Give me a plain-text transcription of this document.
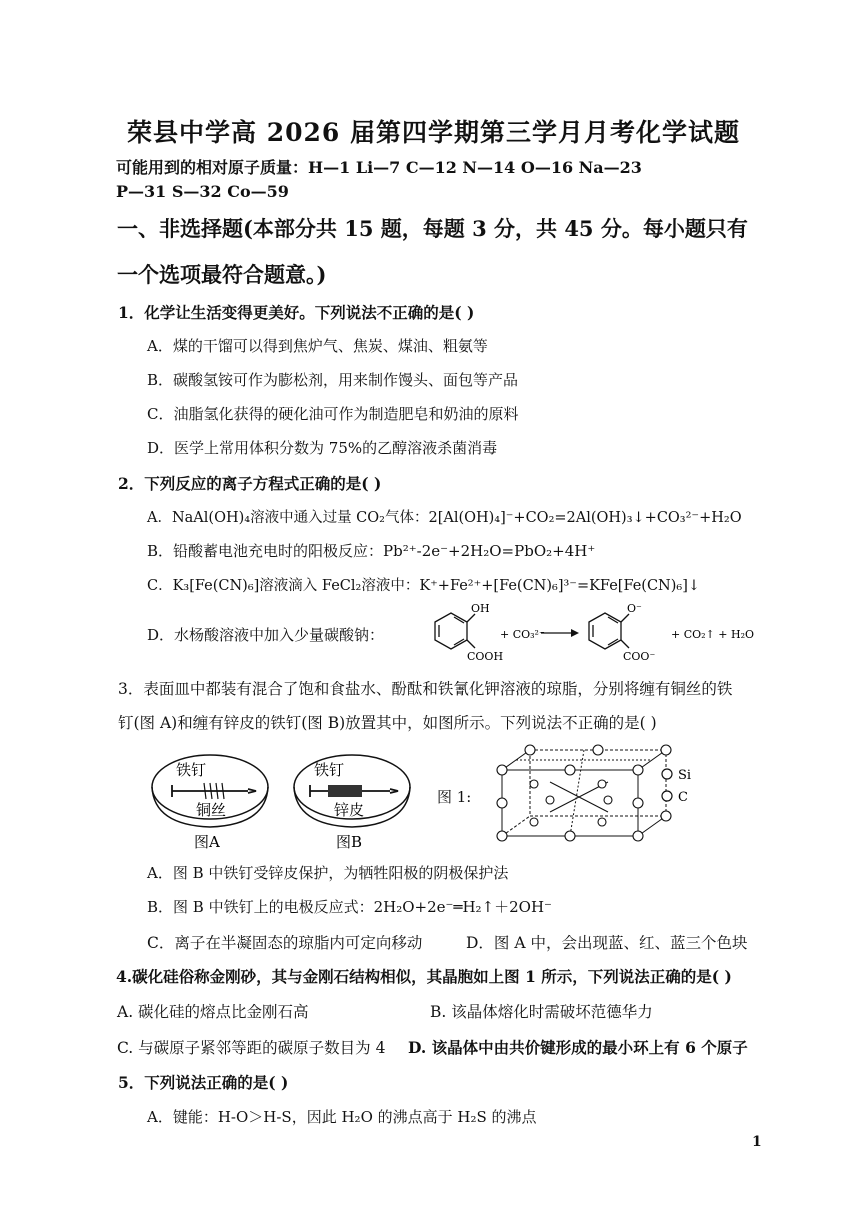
荣县中学高 2026 届第四学期第三学月月考化学试题
可能用到的相对原子质量：H—1 Li—7 C—12 N—14 O—16 Na—23
P—31 S—32 Co—59
一、非选择题(本部分共 15 题，每题 3 分，共 45 分。每小题只有
一个选项最符合题意。)
1．化学让生活变得更美好。下列说法不正确的是( )
A．煤的干馏可以得到焦炉气、焦炭、煤油、粗氨等
B．碳酸氢铵可作为膨松剂，用来制作馒头、面包等产品
C．油脂氢化获得的硬化油可作为制造肥皂和奶油的原料
D．医学上常用体积分数为 75%的乙醇溶液杀菌消毒
2．下列反应的离子方程式正确的是( )
A．NaAl(OH)₄溶液中通入过量 CO₂气体：2[Al(OH)₄]⁻+CO₂=2Al(OH)₃↓+CO₃²⁻+H₂O
B．铅酸蓄电池充电时的阳极反应：Pb²⁺-2e⁻+2H₂O=PbO₂+4H⁺
C．K₃[Fe(CN)₆]溶液滴入 FeCl₂溶液中：K⁺+Fe²⁺+[Fe(CN)₆]³⁻=KFe[Fe(CN)₆]↓
D．水杨酸溶液中加入少量碳酸钠：
OH
COOH
+ CO₃²⁻
O⁻
COO⁻
+ CO₂↑ + H₂O
3．表面皿中都装有混合了饱和食盐水、酚酞和铁氰化钾溶液的琼脂，分别将缠有铜丝的铁
钉(图 A)和缠有锌皮的铁钉(图 B)放置其中，如图所示。下列说法不正确的是( )
铁钉
铜丝
图A
铁钉
锌皮
图B
图 1:
Si
C
A．图 B 中铁钉受锌皮保护，为牺牲阳极的阴极保护法
B．图 B 中铁钉上的电极反应式：2H₂O+2e⁻═H₂↑＋2OH⁻
C．离子在半凝固态的琼脂内可定向移动	D．图 A 中，会出现蓝、红、蓝三个色块
4.碳化硅俗称金刚砂，其与金刚石结构相似，其晶胞如上图 1 所示，下列说法正确的是( )
A. 碳化硅的熔点比金刚石高	B. 该晶体熔化时需破坏范德华力
C. 与碳原子紧邻等距的碳原子数目为 4 D. 该晶体中由共价键形成的最小环上有 6 个原子
5．下列说法正确的是( )
A．键能：H-O＞H-S，因此 H₂O 的沸点高于 H₂S 的沸点
1
